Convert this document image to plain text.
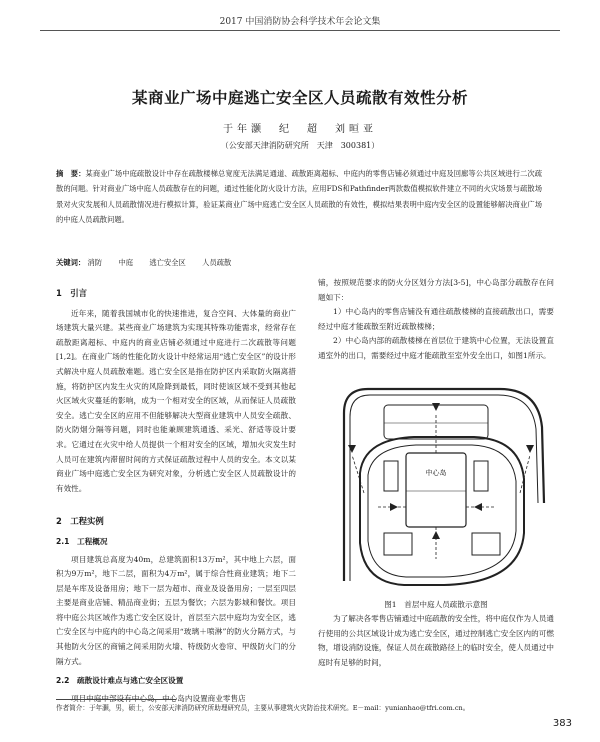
2017 中国消防协会科学技术年会论文集
某商业广场中庭逃亡安全区人员疏散有效性分析
于年灏　纪　超　刘晅亚
（公安部天津消防研究所　天津　300381）
摘　要：某商业广场中庭疏散设计中存在疏散楼梯总宽度无法满足通道、疏散距离超标、中庭内的零售店铺必须通过中庭及回廊等公共区域进行二次疏散的问题。针对商业广场中庭人员疏散存在的问题，通过性能化防火设计方法，应用FDS和Pathfinder两款数值模拟软件建立不同的火灾场景与疏散场景对火灾发展和人员疏散情况进行模拟计算，验证某商业广场中庭逃亡安全区人员疏散的有效性，模拟结果表明中庭内安全区的设置能够解决商业广场的中庭人员疏散问题。
关键词： 消防 中庭 逃亡安全区 人员疏散
1　引言

近年来，随着我国城市化的快速推进，复合空间、大体量的商业广场建筑大量兴建。某些商业广场建筑为实现其特殊功能需求，经常存在疏散距离超标、中庭内的商业店铺必须通过中庭进行二次疏散等问题[1,2]。在商业广场的性能化防火设计中经常运用“逃亡安全区”的设计形式解决中庭人员疏散难题。逃亡安全区是指在防护区内采取防火隔离措施，将防护区内发生火灾的风险降到最低，同时使该区域不受到其他起火区域火灾蔓延的影响，成为一个相对安全的区域，从而保证人员疏散安全。逃亡安全区的应用不但能够解决大型商业建筑中人员安全疏散、防火防烟分隔等问题，同时也能兼顾建筑通透、采光、舒适等设计要求。它通过在火灾中给人员提供一个相对安全的区域，增加火灾发生时人员可在建筑内滞留时间的方式保证疏散过程中人员的安全。本文以某商业广场中庭逃亡安全区为研究对象，分析逃亡安全区人员疏散设计的有效性。

2　工程实例
2.1　工程概况

项目建筑总高度为40m，总建筑面积13万m²，其中地上六层，面积为9万m²，地下二层，面积为4万m²，属于综合性商业建筑；地下二层是车库及设备用房；地下一层为超市、商业及设备用房；一层至四层主要是商业店铺、精品商业街；五层为餐饮；六层为影城和餐饮。项目将中庭公共区域作为逃亡安全区设计，首层至六层中庭均为安全区，逃亡安全区与中庭内的中心岛之间采用“玻璃＋喷淋”的防火分隔方式，与其他防火分区的商铺之间采用防火墙、特级防火卷帘、甲级防火门的分隔方式。

2.2　疏散设计难点与逃亡安全区设置

项目中庭中部设有中心岛，中心岛内设置商业零售店

铺，按照规范要求的防火分区划分方法[3-5]，中心岛部分疏散存在问题如下：

1）中心岛内的零售店铺没有通往疏散楼梯的直接疏散出口，需要经过中庭才能疏散至附近疏散楼梯；

2）中心岛内部的疏散楼梯在首层位于建筑中心位置，无法设置直通室外的出口，需要经过中庭才能疏散至室外安全出口，如图1所示。

中心岛
图1　首层中庭人员疏散示意图

为了解决各零售店铺通过中庭疏散的安全性，将中庭仅作为人员通行使用的公共区域设计成为逃亡安全区，通过控制逃亡安全区内的可燃物，增设消防设施，保证人员在疏散路径上的临时安全，使人员通过中庭时有足够的时间，

作者简介：于年灏，男，硕士，公安部天津消防研究所助理研究员，主要从事建筑火灾防治技术研究。E－mail：yunianhao@tfri.com.cn。
383
